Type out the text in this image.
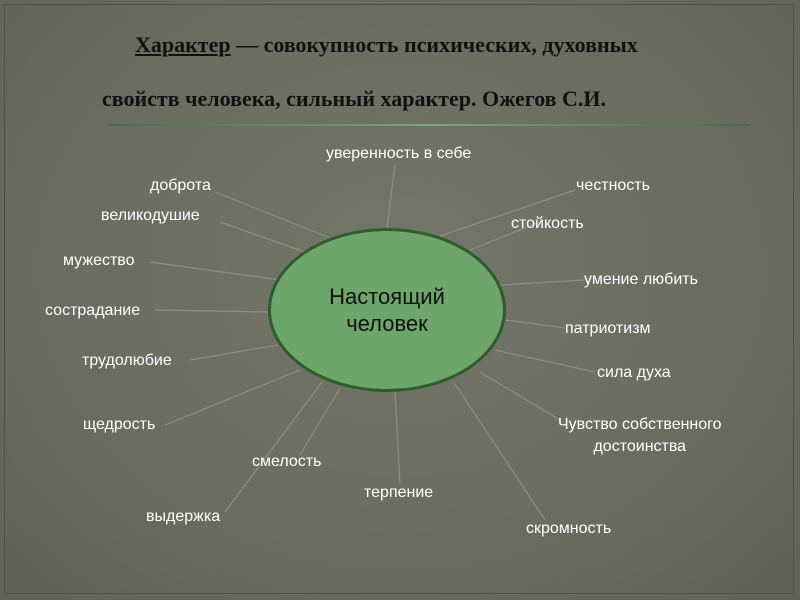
Характер — совокупность психических, духовных
свойств человека, сильный характер. Ожегов С.И.
Настоящий
человек
уверенность в себе
доброта	честность
великодушие	стойкость
мужество
умение любить
сострадание
патриотизм
трудолюбие
сила духа
щедрость	Чувство собственного
достоинства
смелость
терпение
выдержка
скромность
